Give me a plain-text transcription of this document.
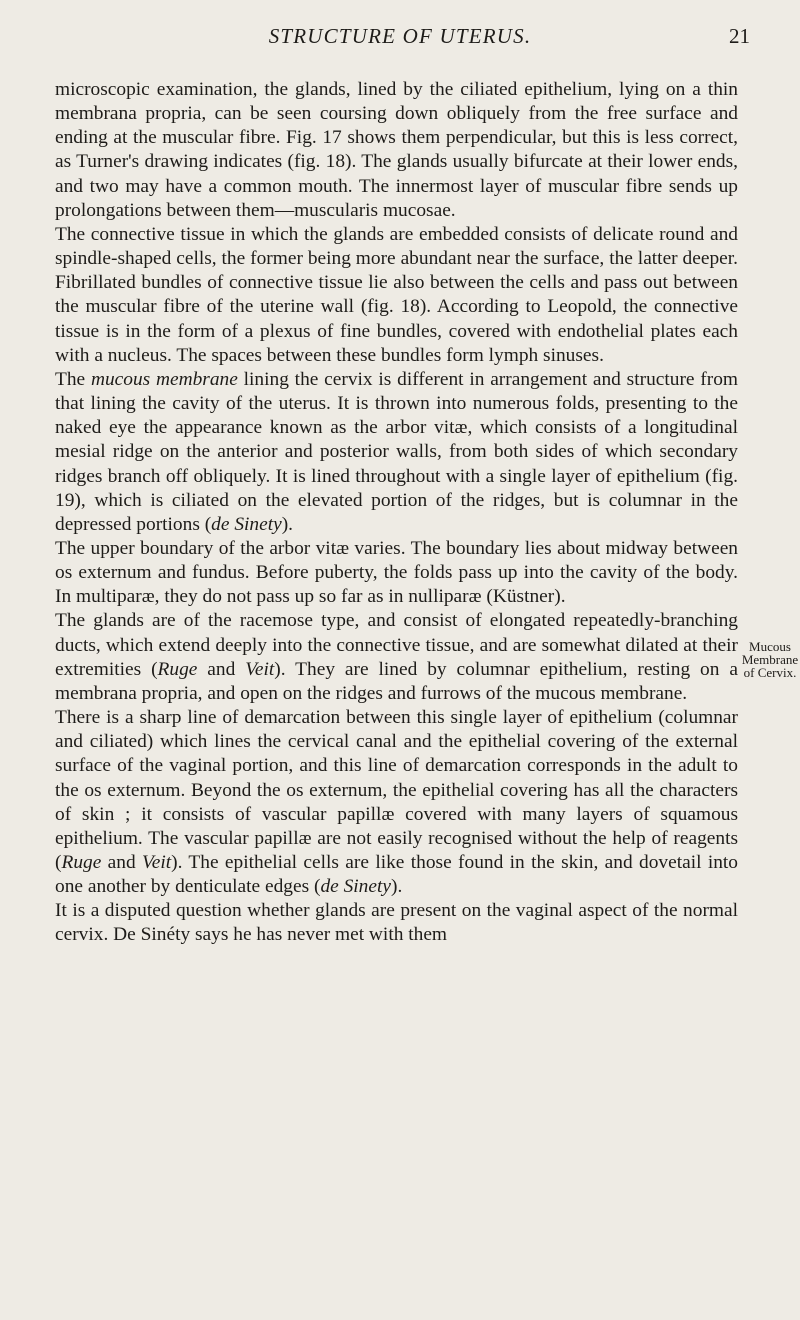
STRUCTURE OF UTERUS.	21
Mucous Membrane of Cervix.

microscopic examination, the glands, lined by the ciliated epithelium, lying on a thin membrana propria, can be seen coursing down obliquely from the free surface and ending at the muscular fibre. Fig. 17 shows them perpendicular, but this is less correct, as Turner's drawing indicates (fig. 18). The glands usually bifurcate at their lower ends, and two may have a common mouth. The innermost layer of muscular fibre sends up prolongations between them—muscularis mucosae.

The connective tissue in which the glands are embedded consists of delicate round and spindle-shaped cells, the former being more abundant near the surface, the latter deeper. Fibrillated bundles of connective tissue lie also between the cells and pass out between the muscular fibre of the uterine wall (fig. 18). According to Leopold, the connective tissue is in the form of a plexus of fine bundles, covered with endothelial plates each with a nucleus. The spaces between these bundles form lymph sinuses.

The mucous membrane lining the cervix is different in arrangement and structure from that lining the cavity of the uterus. It is thrown into numerous folds, presenting to the naked eye the appearance known as the arbor vitæ, which consists of a longitudinal mesial ridge on the anterior and posterior walls, from both sides of which secondary ridges branch off obliquely. It is lined throughout with a single layer of epithelium (fig. 19), which is ciliated on the elevated portion of the ridges, but is columnar in the depressed portions (de Sinety).

The upper boundary of the arbor vitæ varies. The boundary lies about midway between os externum and fundus. Before puberty, the folds pass up into the cavity of the body. In multiparæ, they do not pass up so far as in nulliparæ (Küstner).

The glands are of the racemose type, and consist of elongated repeatedly-branching ducts, which extend deeply into the connective tissue, and are somewhat dilated at their extremities (Ruge and Veit). They are lined by columnar epithelium, resting on a membrana propria, and open on the ridges and furrows of the mucous membrane.

There is a sharp line of demarcation between this single layer of epithelium (columnar and ciliated) which lines the cervical canal and the epithelial covering of the external surface of the vaginal portion, and this line of demarcation corresponds in the adult to the os externum. Beyond the os externum, the epithelial covering has all the characters of skin ; it consists of vascular papillæ covered with many layers of squamous epithelium. The vascular papillæ are not easily recognised without the help of reagents (Ruge and Veit). The epithelial cells are like those found in the skin, and dovetail into one another by denticulate edges (de Sinety).

It is a disputed question whether glands are present on the vaginal aspect of the normal cervix. De Sinéty says he has never met with them
